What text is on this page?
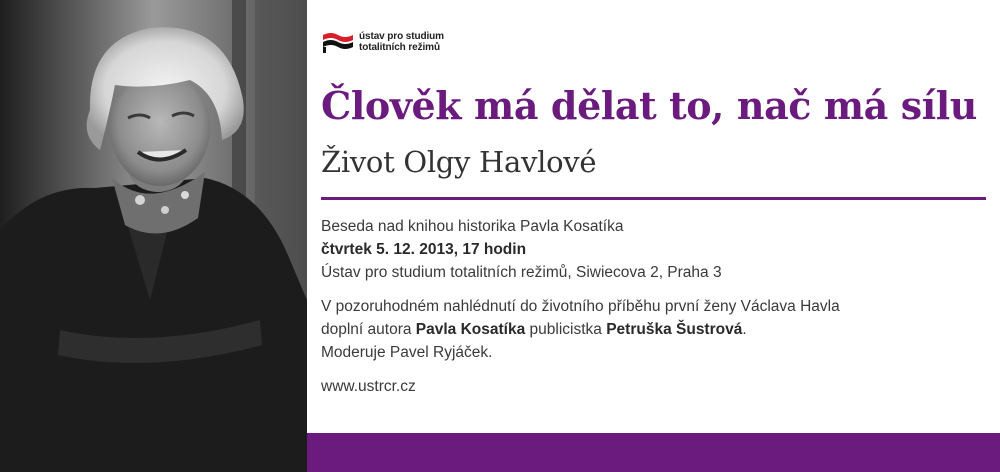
ústav pro studium
totalitních režimů
Člověk má dělat to, nač má sílu
Život Olgy Havlové
Beseda nad knihou historika Pavla Kosatíka
čtvrtek 5. 12. 2013, 17 hodin
Ústav pro studium totalitních režimů, Siwiecova 2, Praha 3
V pozoruhodném nahlédnutí do životního příběhu první ženy Václava Havla
doplní autora Pavla Kosatíka publicistka Petruška Šustrová.
Moderuje Pavel Ryjáček.
www.ustrcr.cz
